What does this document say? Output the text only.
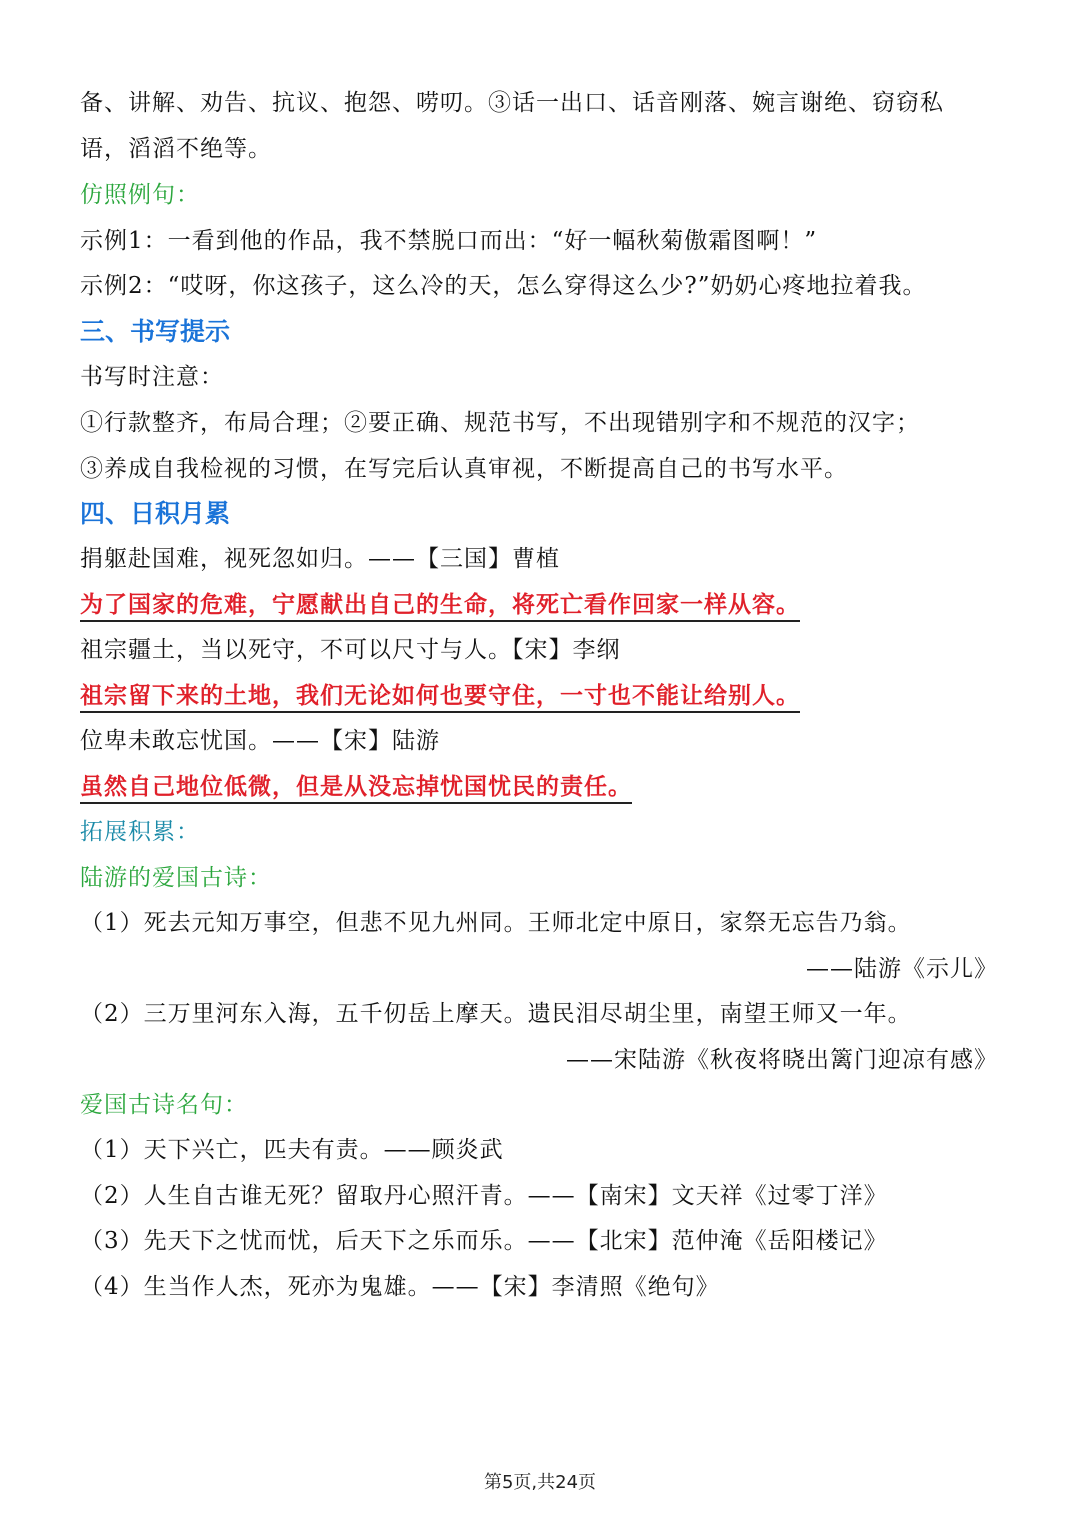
备、讲解、劝告、抗议、抱怨、唠叨。③话一出口、话音刚落、婉言谢绝、窃窃私
语，滔滔不绝等。
仿照例句：
示例1：一看到他的作品，我不禁脱口而出：“好一幅秋菊傲霜图啊！”
示例2：“哎呀，你这孩子，这么冷的天，怎么穿得这么少?”奶奶心疼地拉着我。
三、书写提示
书写时注意：
①行款整齐，布局合理；②要正确、规范书写，不出现错别字和不规范的汉字；
③养成自我检视的习惯，在写完后认真审视，不断提高自己的书写水平。
四、日积月累
捐躯赴国难，视死忽如归。——【三国】曹植
为了国家的危难，宁愿献出自己的生命，将死亡看作回家一样从容。
祖宗疆土，当以死守，不可以尺寸与人。【宋】李纲
祖宗留下来的土地，我们无论如何也要守住，一寸也不能让给别人。
位卑未敢忘忧国。——【宋】陆游
虽然自己地位低微，但是从没忘掉忧国忧民的责任。
拓展积累：
陆游的爱国古诗：
（1）死去元知万事空，但悲不见九州同。王师北定中原日，家祭无忘告乃翁。
——陆游《示儿》
（2）三万里河东入海，五千仞岳上摩天。遗民泪尽胡尘里，南望王师又一年。
——宋陆游《秋夜将晓出篱门迎凉有感》
爱国古诗名句：
（1）天下兴亡，匹夫有责。——顾炎武
（2）人生自古谁无死？留取丹心照汗青。——【南宋】文天祥《过零丁洋》
（3）先天下之忧而忧，后天下之乐而乐。——【北宋】范仲淹《岳阳楼记》
（4）生当作人杰，死亦为鬼雄。——【宋】李清照《绝句》
第5页,共24页
